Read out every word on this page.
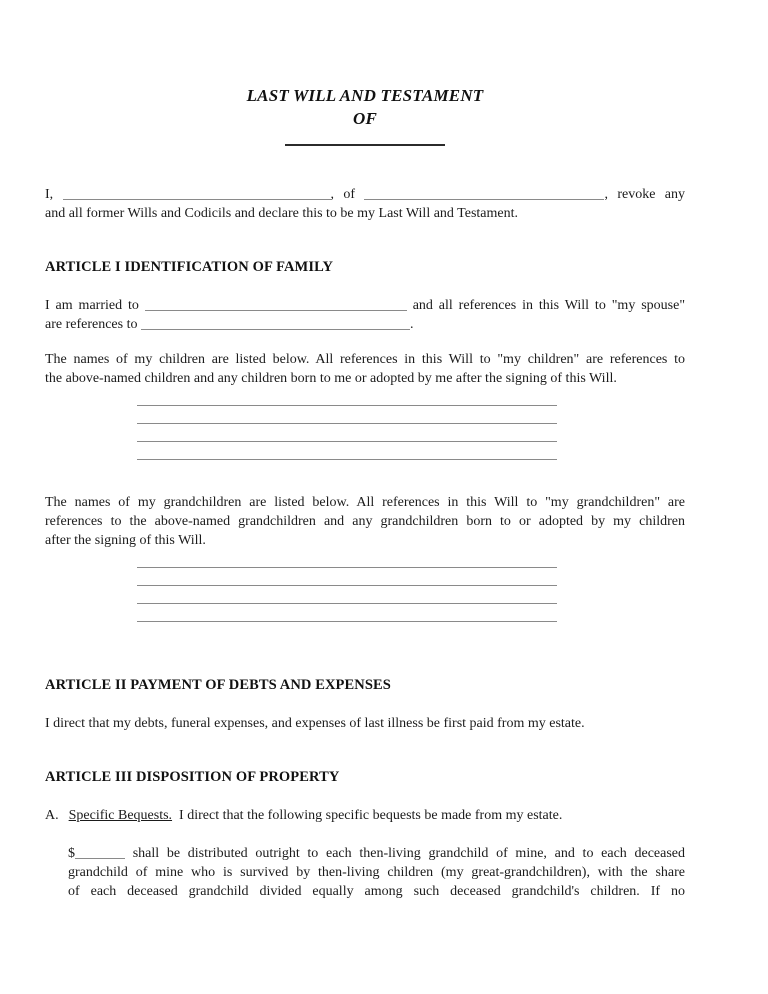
LAST WILL AND TESTAMENT
OF

I,	, of	, revoke any
and all former Wills and Codicils and declare this to be my Last Will and Testament.

ARTICLE I IDENTIFICATION OF FAMILY

I am married to	and all references in this Will to "my spouse"
are references to	.

The names of my children are listed below. All references in this Will to "my children" are references to
the above-named children and any children born to me or adopted by me after the signing of this Will.

The names of my grandchildren are listed below. All references in this Will to "my grandchildren" are
references to the above-named grandchildren and any grandchildren born to or adopted by my children
after the signing of this Will.

ARTICLE II PAYMENT OF DEBTS AND EXPENSES

I direct that my debts, funeral expenses, and expenses of last illness be first paid from my estate.

ARTICLE III DISPOSITION OF PROPERTY

A. Specific Bequests. I direct that the following specific bequests be made from my estate.

$	shall be distributed outright to each then-living grandchild of mine, and to each deceased
grandchild of mine who is survived by then-living children (my great-grandchildren), with the share
of each deceased grandchild divided equally among such deceased grandchild's children. If no
